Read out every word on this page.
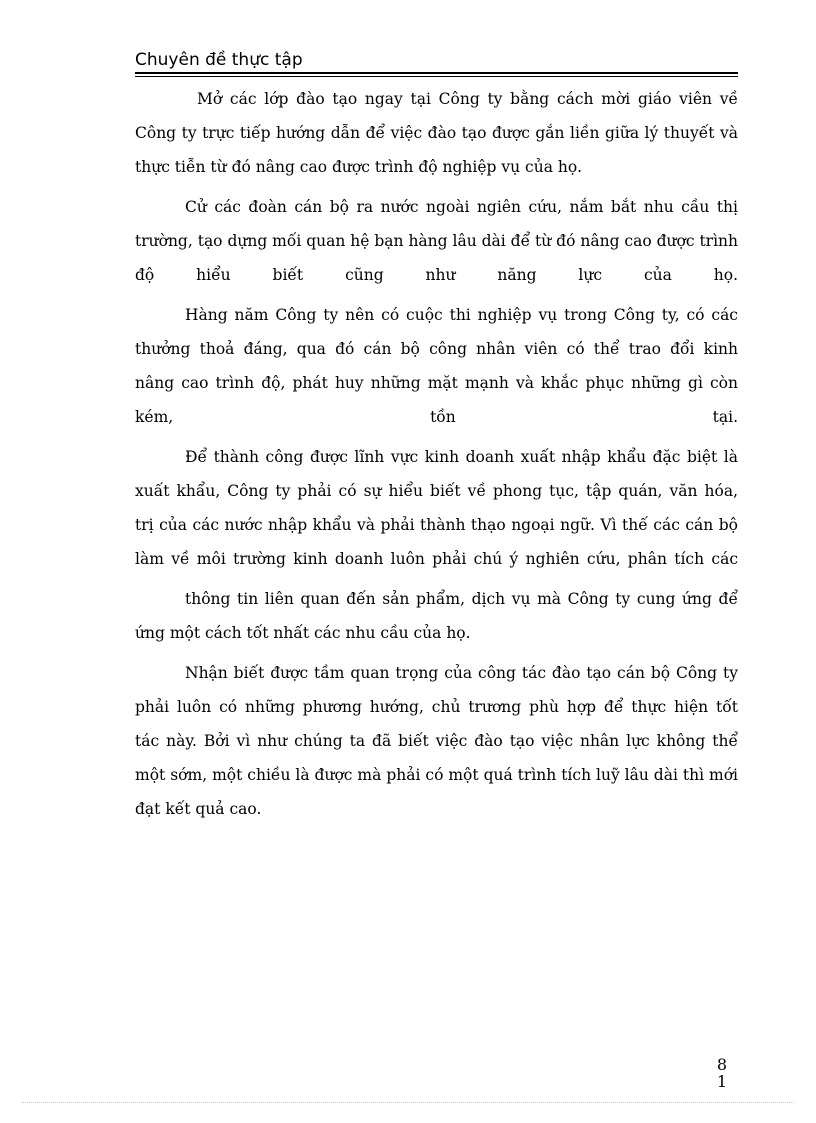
Chuyên đề thực tập
Mở các lớp đào tạo ngay tại Công ty bằng cách mời giáo viên về
Công ty trực tiếp hướng dẫn để việc đào tạo được gắn liền giữa lý thuyết và
thực tiễn từ đó nâng cao được trình độ nghiệp vụ của họ.
Cử các đoàn cán bộ ra nước ngoài ngiên cứu, nắm bắt nhu cầu thị
trường, tạo dựng mối quan hệ bạn hàng lâu dài để từ đó nâng cao được trình
độ hiểu biết cũng như năng lực của họ.
Hàng năm Công ty nên có cuộc thi nghiệp vụ trong Công ty, có các
thưởng thoả đáng, qua đó cán bộ công nhân viên có thể trao đổi kinh
nâng cao trình độ, phát huy những mặt mạnh và khắc phục những gì còn
kém, tồn tại.
Để thành công được lĩnh vực kinh doanh xuất nhập khẩu đặc biệt là
xuất khẩu, Công ty phải có sự hiểu biết về phong tục, tập quán, văn hóa,
trị của các nước nhập khẩu và phải thành thạo ngoại ngữ. Vì thế các cán bộ
làm về môi trường kinh doanh luôn phải chú ý nghiên cứu, phân tích các
thông tin liên quan đến sản phẩm, dịch vụ mà Công ty cung ứng để
ứng một cách tốt nhất các nhu cầu của họ.
Nhận biết được tầm quan trọng của công tác đào tạo cán bộ Công ty
phải luôn có những phương hướng, chủ trương phù hợp để thực hiện tốt
tác này. Bởi vì như chúng ta đã biết việc đào tạo việc nhân lực không thể
một sớm, một chiều là được mà phải có một quá trình tích luỹ lâu dài thì mới
đạt kết quả cao.
8
1
